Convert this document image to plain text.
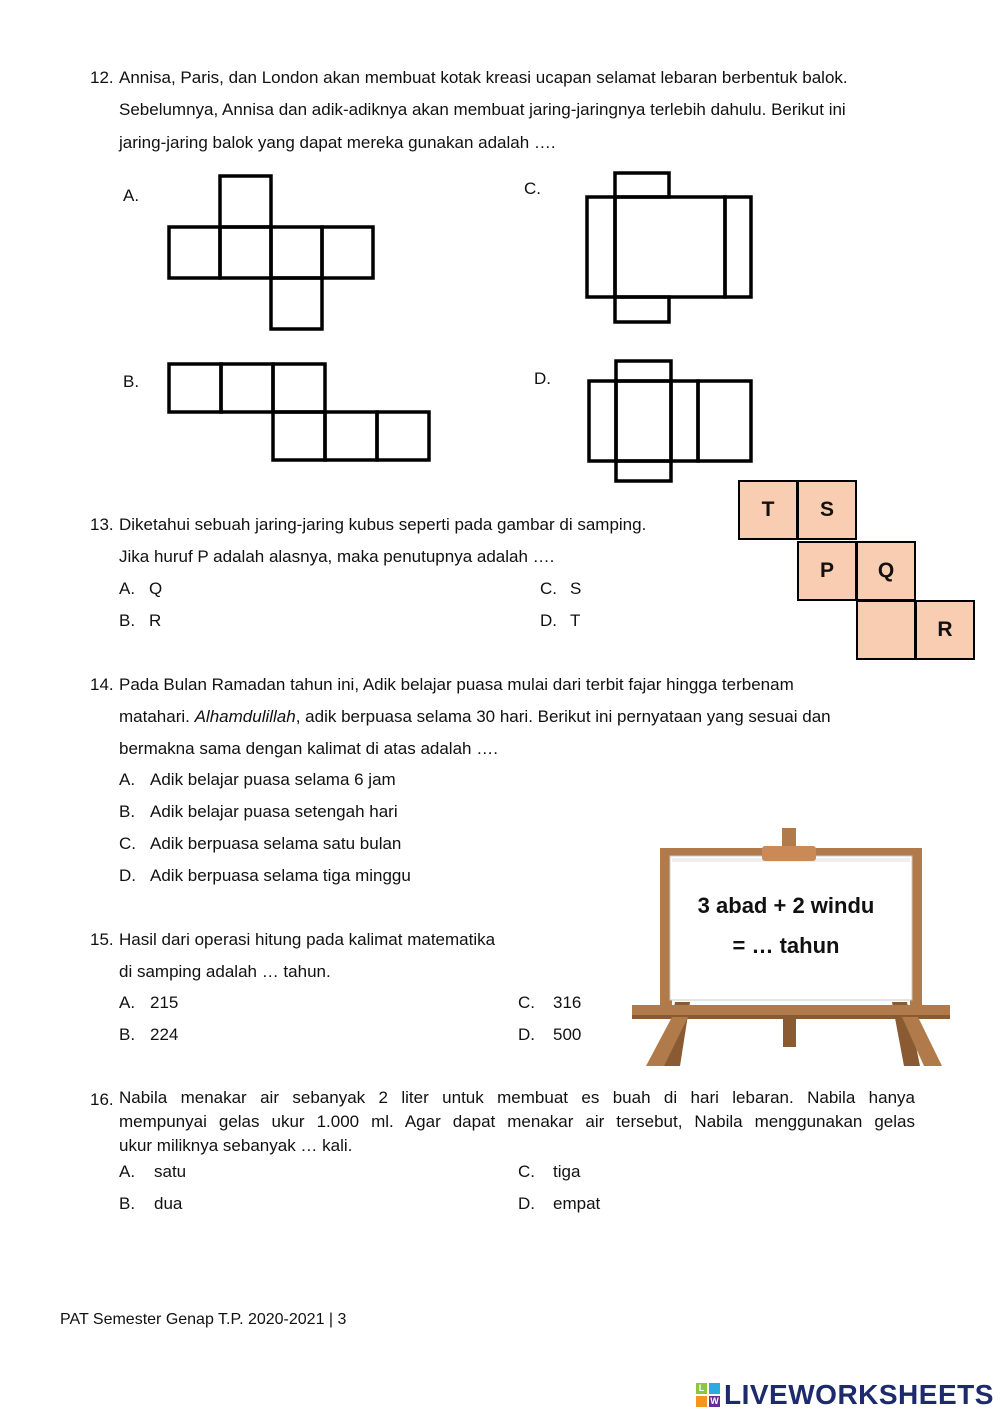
12. Annisa, Paris, dan London akan membuat kotak kreasi ucapan selamat lebaran berbentuk balok.
Sebelumnya, Annisa dan adik-adiknya akan membuat jaring-jaringnya terlebih dahulu. Berikut ini
jaring-jaring balok yang dapat mereka gunakan adalah ….
A.
B.
C.
D.
13. Diketahui sebuah jaring-jaring kubus seperti pada gambar di samping.
Jika huruf P adalah alasnya, maka penutupnya adalah ….
A. Q
B. R
C. S
D. T
T	S
P	Q
R
14. Pada Bulan Ramadan tahun ini, Adik belajar puasa mulai dari terbit fajar hingga terbenam
matahari. Alhamdulillah, adik berpuasa selama 30 hari. Berikut ini pernyataan yang sesuai dan
bermakna sama dengan kalimat di atas adalah ….
A. Adik belajar puasa selama 6 jam
B. Adik belajar puasa setengah hari
C. Adik berpuasa selama satu bulan
D. Adik berpuasa selama tiga minggu
15. Hasil dari operasi hitung pada kalimat matematika
di samping adalah … tahun.
A. 215
B. 224
C. 316
D. 500
3 abad + 2 windu
= … tahun
16. Nabila menakar air sebanyak 2 liter untuk membuat es buah di hari lebaran. Nabila hanya
mempunyai gelas ukur 1.000 ml. Agar dapat menakar air tersebut, Nabila menggunakan gelas
ukur miliknya sebanyak … kali.
A. satu
B. dua
C. tiga
D. empat
PAT Semester Genap T.P. 2020-2021 | 3
L
W LIVEWORKSHEETS
